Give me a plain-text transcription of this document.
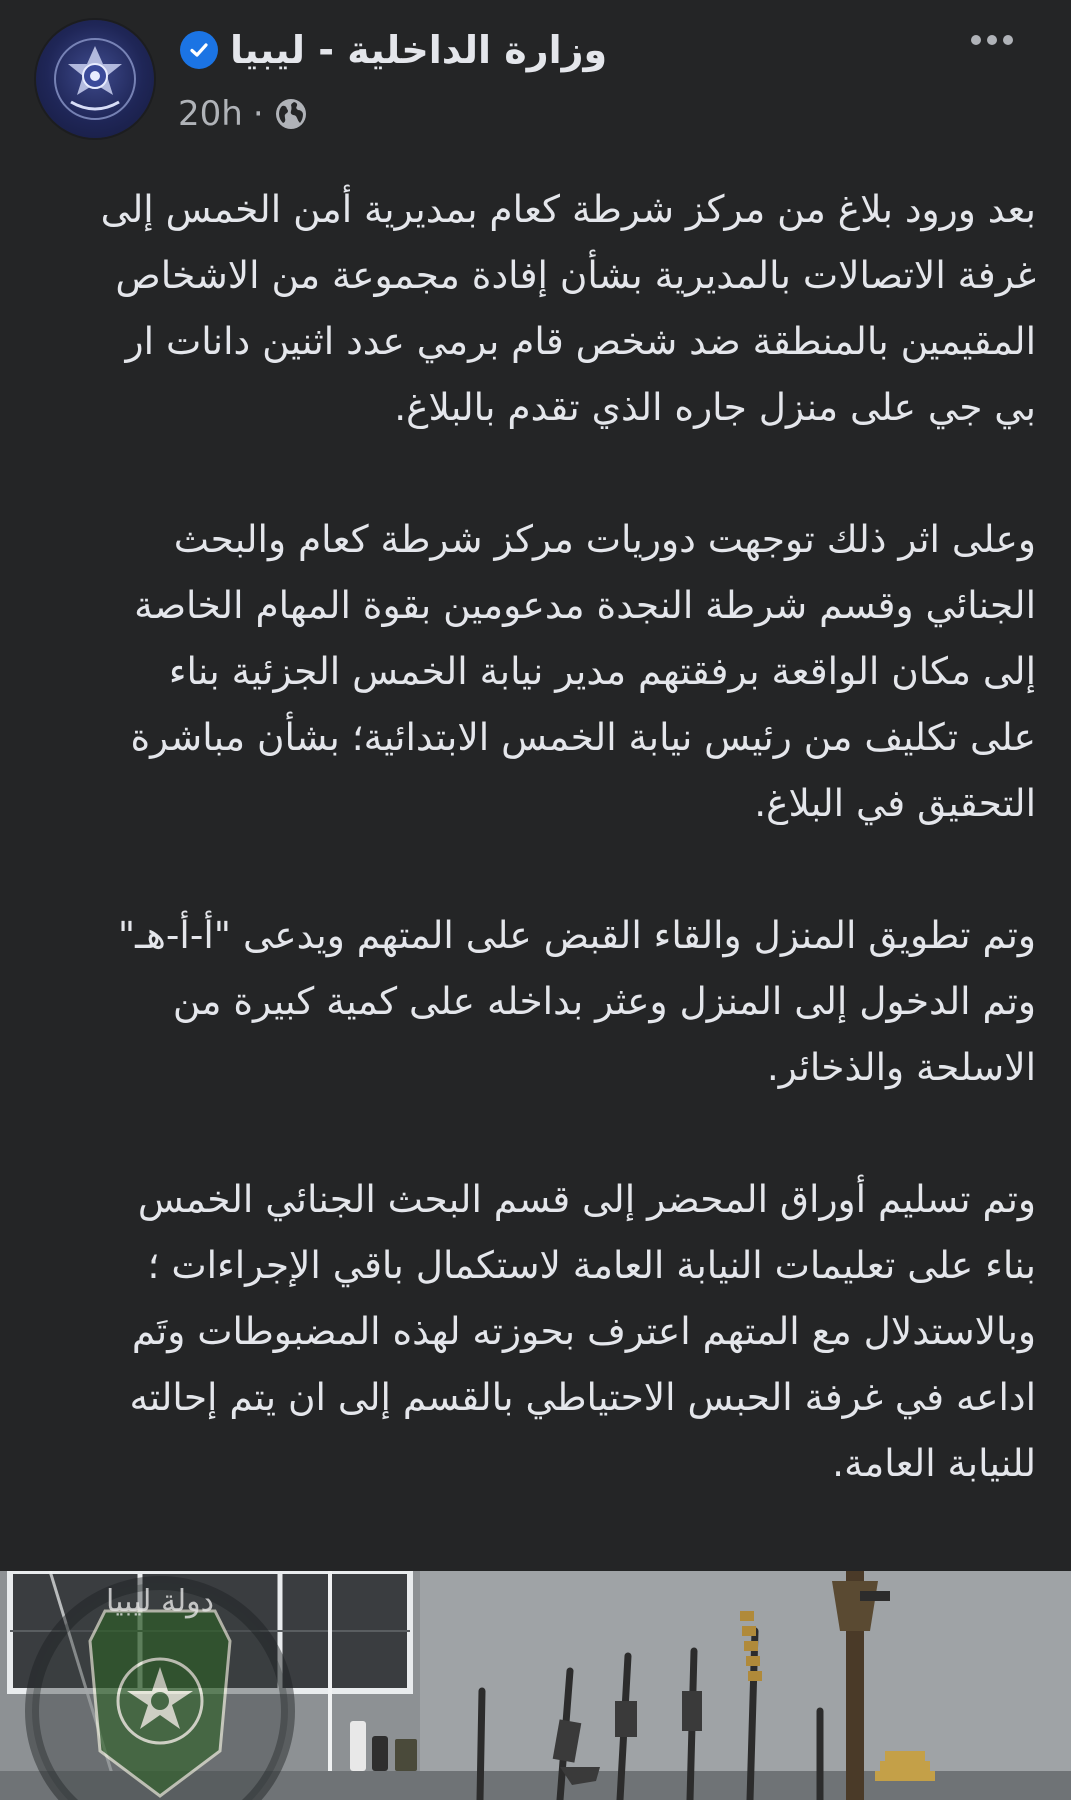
وزارة الداخلية - ليبيا
20h ·

بعد ورود بلاغ من مركز شرطة كعام بمديرية أمن الخمس إلى
غرفة الاتصالات بالمديرية بشأن إفادة مجموعة من الاشخاص
المقيمين بالمنطقة ضد شخص قام برمي عدد اثنين دانات ار
بي جي على منزل جاره الذي تقدم بالبلاغ.

وعلى اثر ذلك توجهت دوريات مركز شرطة كعام والبحث
الجنائي وقسم شرطة النجدة مدعومين بقوة المهام الخاصة
إلى مكان الواقعة برفقتهم مدير نيابة الخمس الجزئية بناء
على تكليف من رئيس نيابة الخمس الابتدائية؛ بشأن مباشرة
التحقيق في البلاغ.

وتم تطويق المنزل والقاء القبض على المتهم ويدعى "أ-أ-هـ"
وتم الدخول إلى المنزل وعثر بداخله على كمية كبيرة من
الاسلحة والذخائر.

وتم تسليم أوراق المحضر إلى قسم البحث الجنائي الخمس
بناء على تعليمات النيابة العامة لاستكمال باقي الإجراءات ؛
وبالاستدلال مع المتهم اعترف بحوزته لهذه المضبوطات وتَم
اداعه في غرفة الحبس الاحتياطي بالقسم إلى ان يتم إحالته
للنيابة العامة.

دولة ليبيا
